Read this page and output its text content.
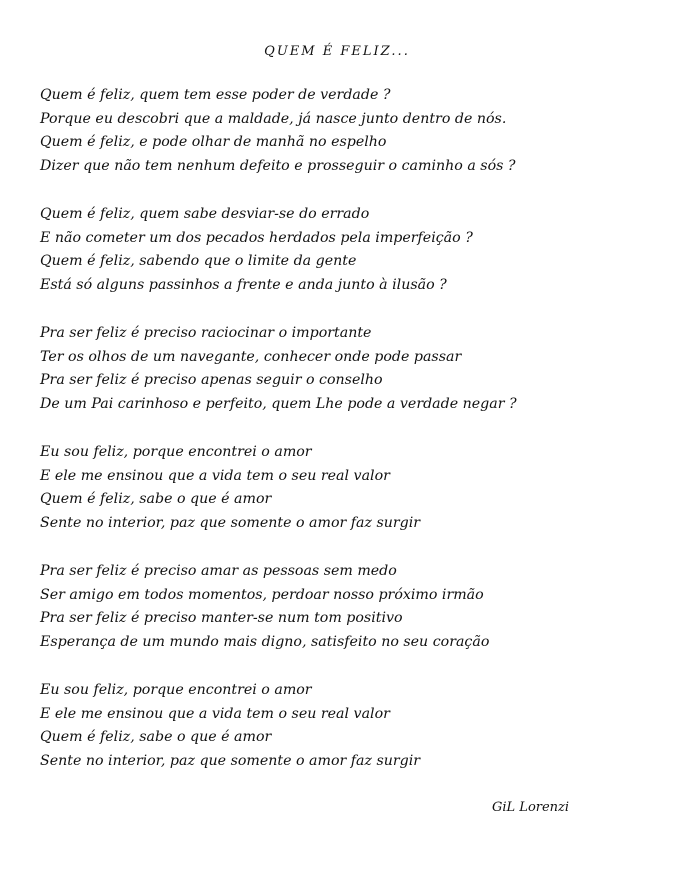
QUEM É FELIZ...
Quem é feliz, quem tem esse poder de verdade ?
Porque eu descobri que a maldade, já nasce junto dentro de nós.
Quem é feliz, e pode olhar de manhã no espelho
Dizer que não tem nenhum defeito e prosseguir o caminho a sós ?
Quem é feliz, quem sabe desviar-se do errado
E não cometer um dos pecados herdados pela imperfeição ?
Quem é feliz, sabendo que o limite da gente
Está só alguns passinhos a frente e anda junto à ilusão ?
Pra ser feliz é preciso raciocinar o importante
Ter os olhos de um navegante, conhecer onde pode passar
Pra ser feliz é preciso apenas seguir o conselho
De um Pai carinhoso e perfeito, quem Lhe pode a verdade negar ?
Eu sou feliz, porque encontrei o amor
E ele me ensinou que a vida tem o seu real valor
Quem é feliz, sabe o que é amor
Sente no interior, paz que somente o amor faz surgir
Pra ser feliz é preciso amar as pessoas sem medo
Ser amigo em todos momentos, perdoar nosso próximo irmão
Pra ser feliz é preciso manter-se num tom positivo
Esperança de um mundo mais digno, satisfeito no seu coração
Eu sou feliz, porque encontrei o amor
E ele me ensinou que a vida tem o seu real valor
Quem é feliz, sabe o que é amor
Sente no interior, paz que somente o amor faz surgir
GiL Lorenzi
